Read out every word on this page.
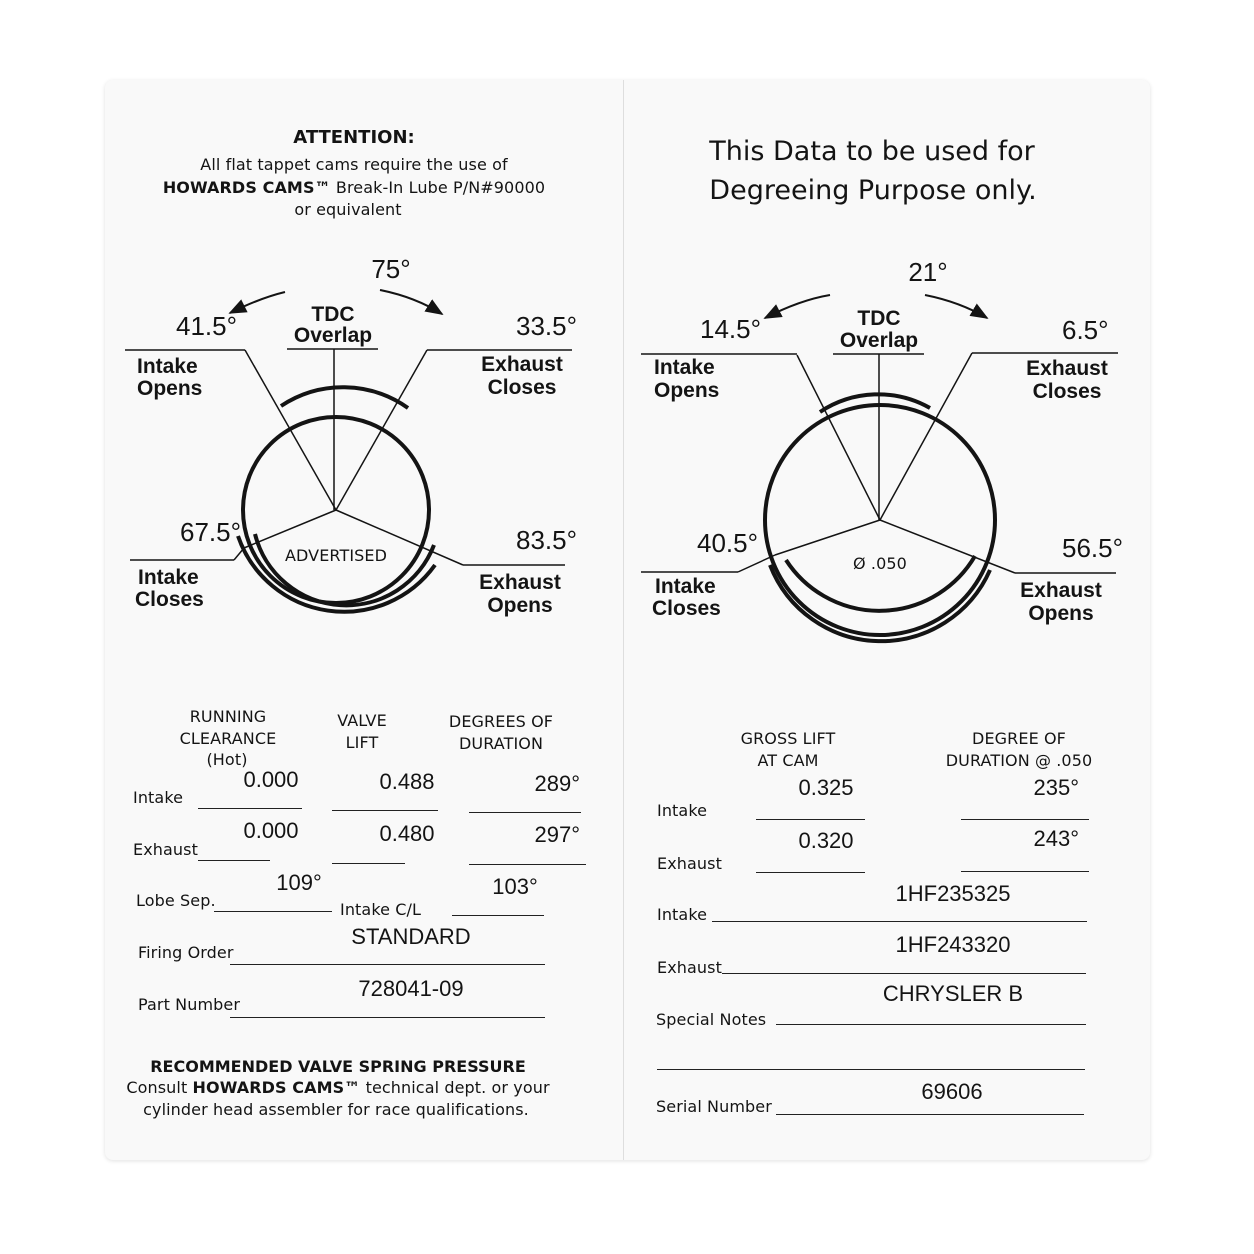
ATTENTION:
All flat tappet cams require the use of
HOWARDS CAMS™ Break-In Lube P/N#90000
or equivalent
75°
TDC
Overlap
41.5°
Intake
Opens
33.5°
Exhaust
Closes
67.5°
Intake
Closes
83.5°
Exhaust
Opens
ADVERTISED
RUNNING
CLEARANCE
(Hot)
VALVE
LIFT
DEGREES OF
DURATION
Intake
0.000	0.488	289°
Exhaust
0.000	0.480	297°
Lobe Sep.
109°
Intake C/L
103°
Firing Order
STANDARD
Part Number
728041-09
RECOMMENDED VALVE SPRING PRESSURE
Consult HOWARDS CAMS™ technical dept. or your
cylinder head assembler for race qualifications.
This Data to be used for
Degreeing Purpose only.
21°
TDC
Overlap
14.5°
Intake
Opens
6.5°
Exhaust
Closes
40.5°
Intake
Closes
56.5°
Exhaust
Opens
Ø .050
GROSS LIFT
AT CAM
DEGREE OF
DURATION @ .050
Intake
0.325	235°
Exhaust
0.320	243°
Intake
1HF235325
Exhaust
1HF243320
Special Notes
CHRYSLER B
Serial Number
69606
